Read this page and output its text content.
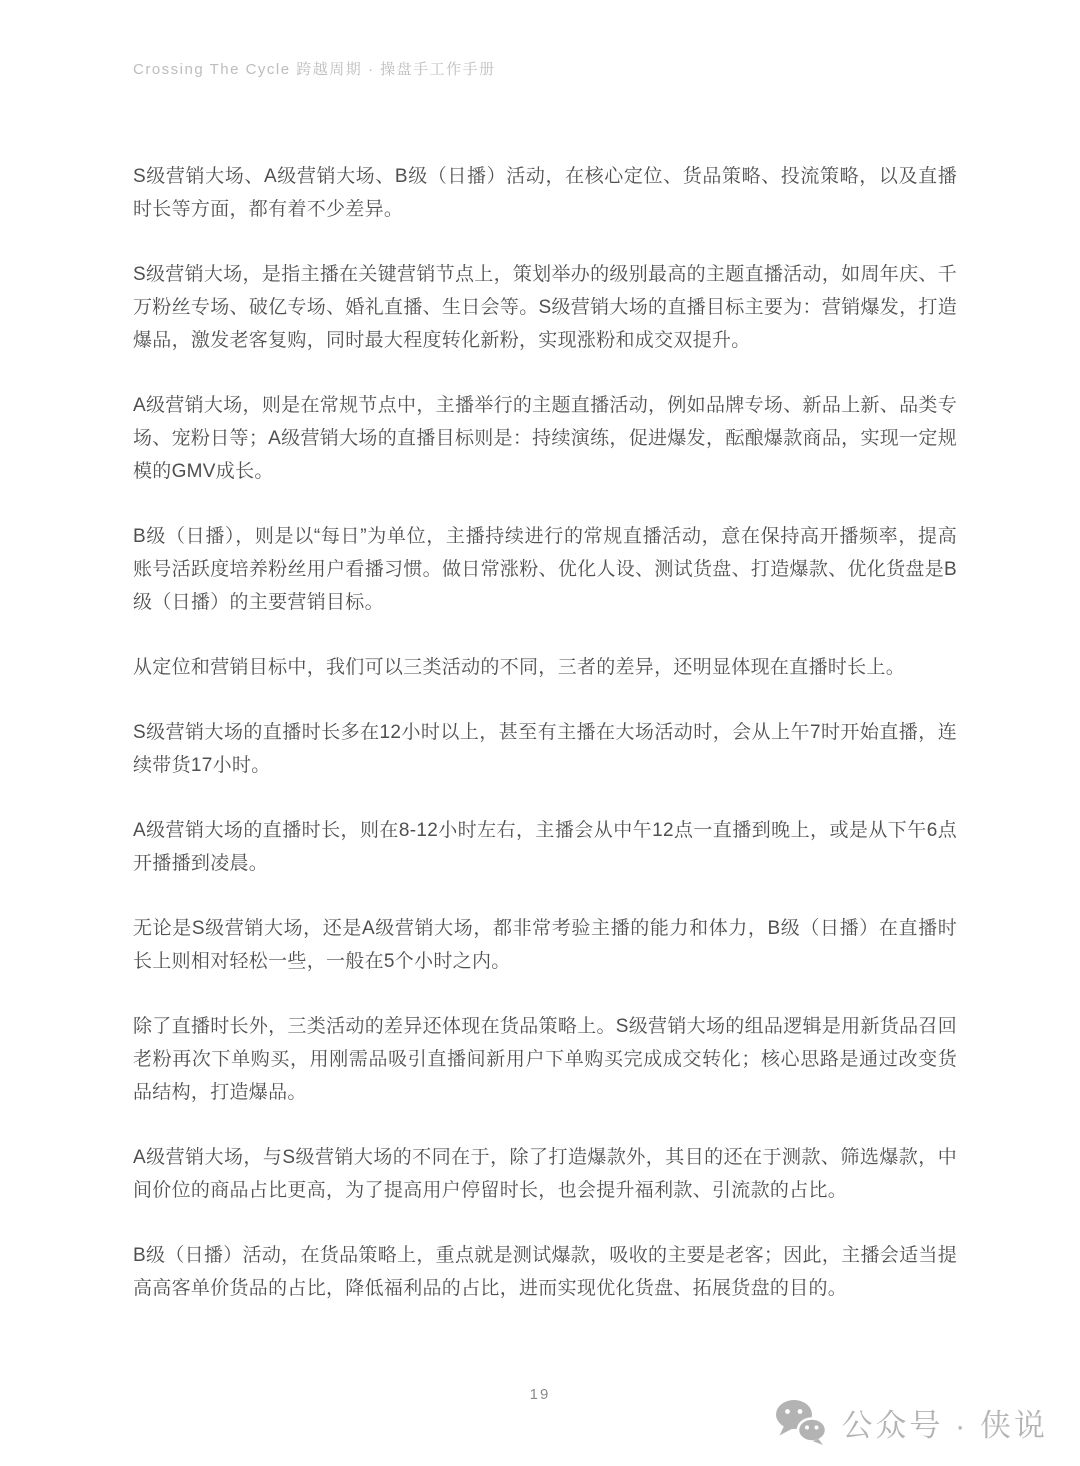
Crossing The Cycle 跨越周期 · 操盘手工作手册

S级营销大场、A级营销大场、B级（日播）活动，在核心定位、货品策略、投流策略，以及直播时长等方面，都有着不少差异。

S级营销大场，是指主播在关键营销节点上，策划举办的级别最高的主题直播活动，如周年庆、千万粉丝专场、破亿专场、婚礼直播、生日会等。S级营销大场的直播目标主要为：营销爆发，打造爆品，激发老客复购，同时最大程度转化新粉，实现涨粉和成交双提升。

A级营销大场，则是在常规节点中，主播举行的主题直播活动，例如品牌专场、新品上新、品类专场、宠粉日等；A级营销大场的直播目标则是：持续演练，促进爆发，酝酿爆款商品，实现一定规模的GMV成长。

B级（日播），则是以“每日”为单位，主播持续进行的常规直播活动，意在保持高开播频率，提高账号活跃度培养粉丝用户看播习惯。做日常涨粉、优化人设、测试货盘、打造爆款、优化货盘是B级（日播）的主要营销目标。

从定位和营销目标中，我们可以三类活动的不同，三者的差异，还明显体现在直播时长上。

S级营销大场的直播时长多在12小时以上，甚至有主播在大场活动时，会从上午7时开始直播，连续带货17小时。

A级营销大场的直播时长，则在8-12小时左右，主播会从中午12点一直播到晚上，或是从下午6点开播播到凌晨。

无论是S级营销大场，还是A级营销大场，都非常考验主播的能力和体力，B级（日播）在直播时长上则相对轻松一些，一般在5个小时之内。

除了直播时长外，三类活动的差异还体现在货品策略上。S级营销大场的组品逻辑是用新货品召回老粉再次下单购买，用刚需品吸引直播间新用户下单购买完成成交转化；核心思路是通过改变货品结构，打造爆品。

A级营销大场，与S级营销大场的不同在于，除了打造爆款外，其目的还在于测款、筛选爆款，中间价位的商品占比更高，为了提高用户停留时长，也会提升福利款、引流款的占比。

B级（日播）活动，在货品策略上，重点就是测试爆款，吸收的主要是老客；因此，主播会适当提高高客单价货品的占比，降低福利品的占比，进而实现优化货盘、拓展货盘的目的。

19
公众号 · 侠说
